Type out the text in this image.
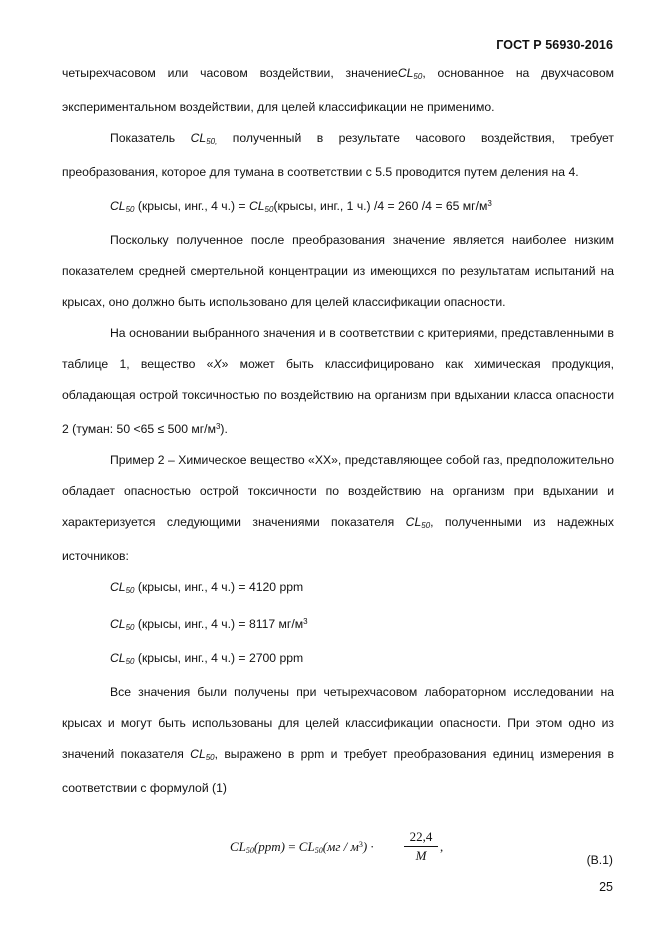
ГОСТ Р 56930-2016

четырехчасовом или часовом воздействии, значениеCL$_{50}$, основанное на двухчасовом экспериментальном воздействии, для целей классификации не применимо.

Показатель $CL_{50,}$ полученный в результате часового воздействия, требует преобразования, которое для тумана в соответствии с 5.5 проводится путем деления на 4.

$CL_{50}$ (крысы, инг., 4 $ч.) = CL_{50}(крысы$, инг., 1 ч.) /4 = 260 /4 = 65 $мг/м^3$

Поскольку полученное после преобразования значение является наиболее низким показателем средней смертельной концентрации из имеющихся по результатам испытаний на крысах, оно должно быть использовано для целей классификации опасности.

На основании выбранного значения и в соответствии с критериями, представленными в таблице 1, вещество «X» может быть классифицировано как химическая продукция, обладающая острой токсичностью по воздействию на организм при вдыхании класса опасности 2 (туман: 50 <65 ≤ 500 $мг/м^3$).

Пример 2 – Химическое вещество «XX», представляющее собой газ, предположительно обладает опасностью острой токсичности по воздействию на организм при вдыхании и характеризуется следующими значениями показателя $CL_{50}$, полученными из надежных источников:

$CL_{50}$ (крысы, инг., 4 ч.) = 4120 ppm

$CL_{50}$ (крысы, инг., 4 ч.) = 8117 $мг/м^3$

$CL_{50}$ (крысы, инг., 4 ч.) = 2700 ppm

Все значения были получены при четырехчасовом лабораторном исследовании на крысах и могут быть использованы для целей классификации опасности. При этом одно из значений показателя $CL_{50}$, выражено в ppm и требует преобразования единиц измерения в соответствии с формулой (1)

$CL_{50}(ppm) = CL_{50}(мг / м^3) \cdot \frac{22,4}{M}$ ,
(В.1)
25
